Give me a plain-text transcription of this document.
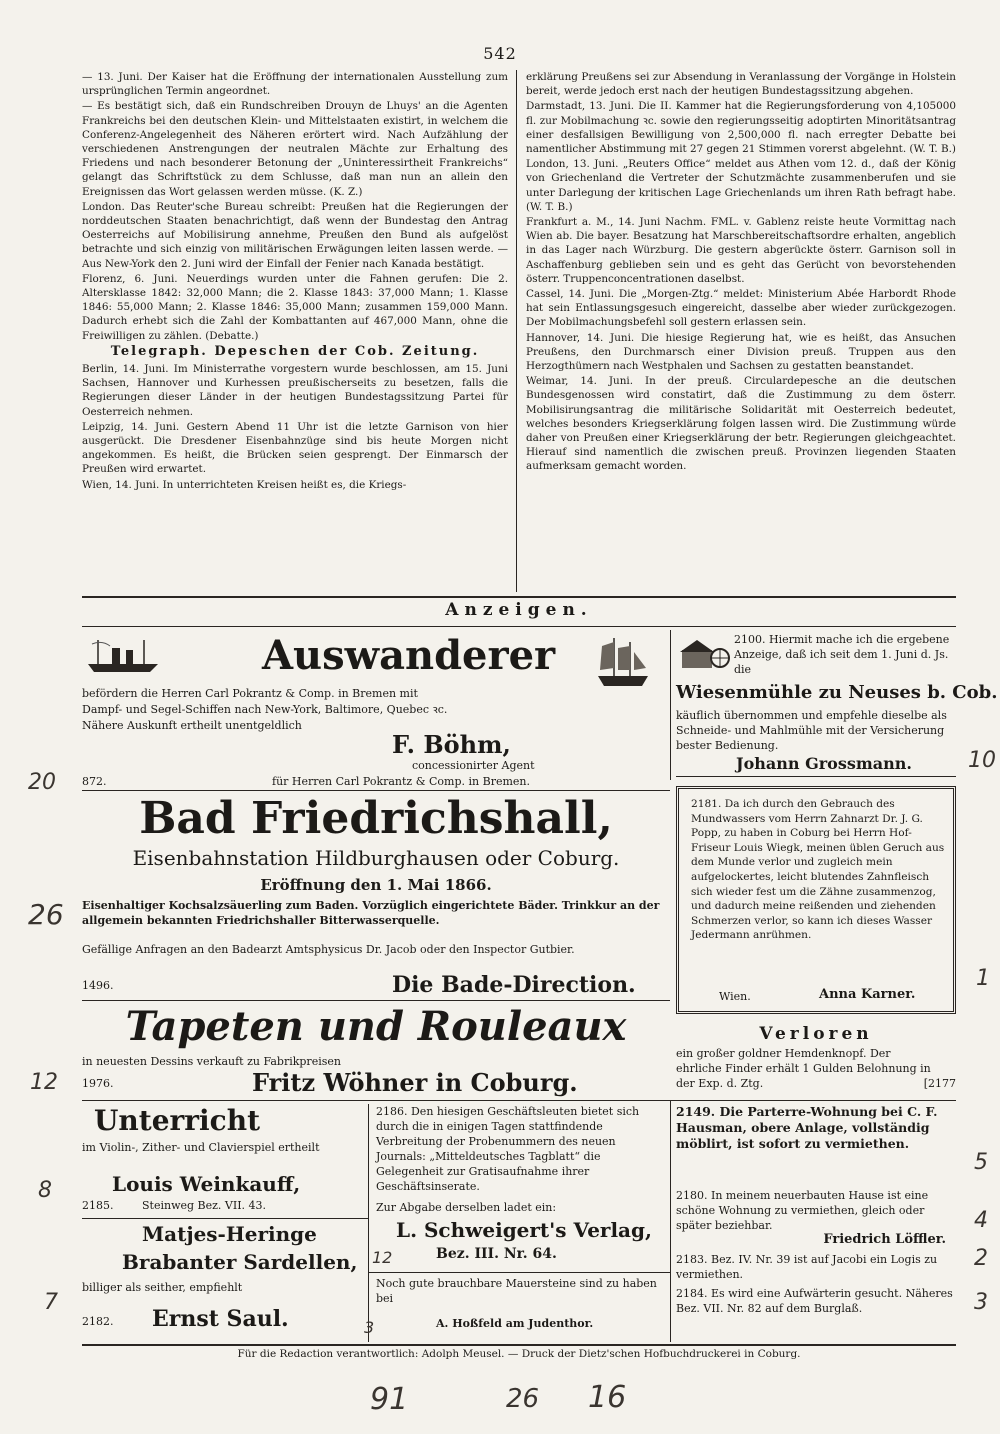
542

— 13. Juni. Der Kaiser hat die Eröffnung der internationalen Ausstellung zum ursprünglichen Termin angeordnet.

— Es bestätigt sich, daß ein Rundschreiben Drouyn de Lhuys' an die Agenten Frankreichs bei den deutschen Klein- und Mittelstaaten existirt, in welchem die Conferenz-Angelegenheit des Näheren erörtert wird. Nach Aufzählung der verschiedenen Anstrengungen der neutralen Mächte zur Erhaltung des Friedens und nach besonderer Betonung der „Uninteressirtheit Frankreichs“ gelangt das Schriftstück zu dem Schlusse, daß man nun an allein den Ereignissen das Wort gelassen werden müsse. (K. Z.)

London. Das Reuter'sche Bureau schreibt: Preußen hat die Regierungen der norddeutschen Staaten benachrichtigt, daß wenn der Bundestag den Antrag Oesterreichs auf Mobilisirung annehme, Preußen den Bund als aufgelöst betrachte und sich einzig von militärischen Erwägungen leiten lassen werde. — Aus New-York den 2. Juni wird der Einfall der Fenier nach Kanada bestätigt.

Florenz, 6. Juni. Neuerdings wurden unter die Fahnen gerufen: Die 2. Altersklasse 1842: 32,000 Mann; die 2. Klasse 1843: 37,000 Mann; 1. Klasse 1846: 55,000 Mann; 2. Klasse 1846: 35,000 Mann; zusammen 159,000 Mann. Dadurch erhebt sich die Zahl der Kombattanten auf 467,000 Mann, ohne die Freiwilligen zu zählen. (Debatte.)

Telegraph. Depeschen der Cob. Zeitung.

Berlin, 14. Juni. Im Ministerrathe vorgestern wurde beschlossen, am 15. Juni Sachsen, Hannover und Kurhessen preußischerseits zu besetzen, falls die Regierungen dieser Länder in der heutigen Bundestagssitzung Partei für Oesterreich nehmen.

Leipzig, 14. Juni. Gestern Abend 11 Uhr ist die letzte Garnison von hier ausgerückt. Die Dresdener Eisenbahnzüge sind bis heute Morgen nicht angekommen. Es heißt, die Brücken seien gesprengt. Der Einmarsch der Preußen wird erwartet.

Wien, 14. Juni. In unterrichteten Kreisen heißt es, die Kriegs-

erklärung Preußens sei zur Absendung in Veranlassung der Vorgänge in Holstein bereit, werde jedoch erst nach der heutigen Bundestagssitzung abgehen.

Darmstadt, 13. Juni. Die II. Kammer hat die Regierungsforderung von 4,105000 fl. zur Mobilmachung ꝛc. sowie den regierungsseitig adoptirten Minoritätsantrag einer desfallsigen Bewilligung von 2,500,000 fl. nach erregter Debatte bei namentlicher Abstimmung mit 27 gegen 21 Stimmen vorerst abgelehnt. (W. T. B.)

London, 13. Juni. „Reuters Office“ meldet aus Athen vom 12. d., daß der König von Griechenland die Vertreter der Schutzmächte zusammenberufen und sie unter Darlegung der kritischen Lage Griechenlands um ihren Rath befragt habe. (W. T. B.)

Frankfurt a. M., 14. Juni Nachm. FML. v. Gablenz reiste heute Vormittag nach Wien ab. Die bayer. Besatzung hat Marschbereitschaftsordre erhalten, angeblich in das Lager nach Würzburg. Die gestern abgerückte österr. Garnison soll in Aschaffenburg geblieben sein und es geht das Gerücht von bevorstehenden österr. Truppenconcentrationen daselbst.

Cassel, 14. Juni. Die „Morgen-Ztg.“ meldet: Ministerium Abée Harbordt Rhode hat sein Entlassungsgesuch eingereicht, dasselbe aber wieder zurückgezogen. Der Mobilmachungsbefehl soll gestern erlassen sein.

Hannover, 14. Juni. Die hiesige Regierung hat, wie es heißt, das Ansuchen Preußens, den Durchmarsch einer Division preuß. Truppen aus den Herzogthümern nach Westphalen und Sachsen zu gestatten beanstandet.

Weimar, 14. Juni. In der preuß. Circulardepesche an die deutschen Bundesgenossen wird constatirt, daß die Zustimmung zu dem österr. Mobilisirungsantrag die militärische Solidarität mit Oesterreich bedeutet, welches besonders Kriegserklärung folgen lassen wird. Die Zustimmung würde daher von Preußen einer Kriegserklärung der betr. Regierungen gleichgeachtet. Hierauf sind namentlich die zwischen preuß. Provinzen liegenden Staaten aufmerksam gemacht worden.

Anzeigen.
Auswanderer
befördern die Herren Carl Pokrantz & Comp. in Bremen mit
Dampf- und Segel-Schiffen nach New-York, Baltimore, Quebec ꝛc.
Nähere Auskunft ertheilt unentgeldlich
F. Böhm,
concessionirter Agent
872.	für Herren Carl Pokrantz & Comp. in Bremen.
2100. Hiermit mache ich die ergebene Anzeige, daß ich seit dem 1. Juni d. Js. die
Wiesenmühle zu Neuses b. Cob.
käuflich übernommen und empfehle dieselbe als Schneide- und Mahlmühle mit der Versicherung bester Bedienung.
Johann Grossmann.
Bad Friedrichshall,
Eisenbahnstation Hildburghausen oder Coburg.
Eröffnung den 1. Mai 1866.
Eisenhaltiger Kochsalzsäuerling zum Baden. Vorzüglich eingerichtete Bäder. Trinkkur an der allgemein bekannten Friedrichshaller Bitterwasserquelle.
Gefällige Anfragen an den Badearzt Amtsphysicus Dr. Jacob oder den Inspector Gutbier.
1496.	Die Bade-Direction.
2181. Da ich durch den Gebrauch des Mundwassers vom Herrn Zahnarzt Dr. J. G. Popp, zu haben in Coburg bei Herrn Hof-Friseur Louis Wiegk, meinen üblen Geruch aus dem Munde verlor und zugleich mein aufgelockertes, leicht blutendes Zahnfleisch sich wieder fest um die Zähne zusammenzog, und dadurch meine reißenden und ziehenden Schmerzen verlor, so kann ich dieses Wasser Jedermann anrühmen.
Wien.	Anna Karner.
Tapeten und Rouleaux
in neuesten Dessins verkauft zu Fabrikpreisen
1976.	Fritz Wöhner in Coburg.
Verloren
ein großer goldner Hemdenknopf. Der ehrliche Finder erhält 1 Gulden Belohnung in der Exp. d. Ztg.	[2177
Unterricht
im Violin-, Zither- und Clavierspiel ertheilt
Louis Weinkauff,
2185.	Steinweg Bez. VII. 43.
2186. Den hiesigen Geschäftsleuten bietet sich durch die in einigen Tagen stattfindende Verbreitung der Probenummern des neuen Journals: „Mitteldeutsches Tagblatt“ die Gelegenheit zur Gratisaufnahme ihrer Geschäftsinserate.
Zur Abgabe derselben ladet ein:
L. Schweigert's Verlag,
Bez. III. Nr. 64.
2149. Die Parterre-Wohnung bei C. F. Hausman, obere Anlage, vollständig möblirt, ist sofort zu vermiethen.
2180. In meinem neuerbauten Hause ist eine schöne Wohnung zu vermiethen, gleich oder später beziehbar.
Friedrich Löffler.
2183. Bez. IV. Nr. 39 ist auf Jacobi ein Logis zu vermiethen.
2184. Es wird eine Aufwärterin gesucht. Näheres Bez. VII. Nr. 82 auf dem Burglaß.
Matjes-Heringe
Brabanter Sardellen,
billiger als seither, empfiehlt
2182. Ernst Saul.
Noch gute brauchbare Mauersteine sind zu haben bei
A. Hoßfeld am Judenthor.
Für die Redaction verantwortlich: Adolph Meusel. — Druck der Dietz'schen Hofbuchdruckerei in Coburg.
20
10
26
12
8
7
12
3
2
4
5
3
1
91	26 16
